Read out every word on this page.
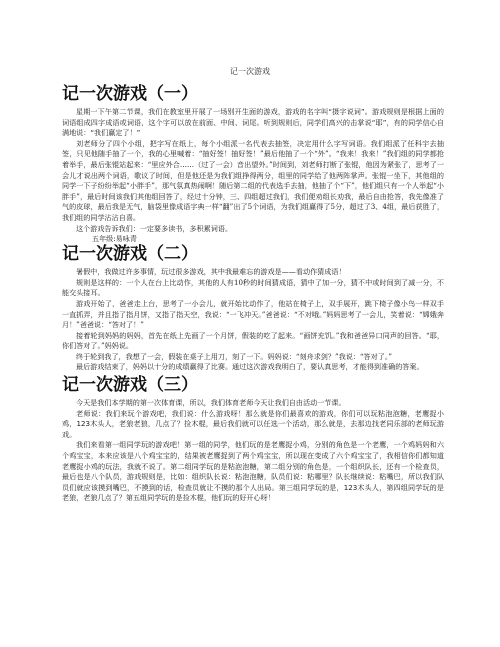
记一次游戏
记一次游戏（一）

星期一下午第二节课，我们在教室里开展了一场别开生面的游戏，游戏的名字叫“摄字说词”。游戏规则是根据上面的词语组成四字成语或词语，这个字可以放在前面、中间、词尾。听到规则后，同学们高兴的击掌说“耶”，有的同学信心自满地说：“我们赢定了！”

刘老师分了四个小组，把字写在纸上，每个小组派一名代表去抽签，决定用什么字写词语。我们组派了任科宇去抽签，只见他随手抽了一个，我的心里喊着：“抽好签！抽好签！”最后他抽了一个“外”。“我来！我来！”我们组的同学都抢着举手，最后张锟站起来：“里应外合……（过了一会）音出望外。”时间到，刘老师打断了张锟，他因为紧张了，思考了一会儿才说出两个词语，歌议了时间，但是他还是为我们组挣得两分，组里的同学给了他两阵掌声。张锟一坐下，其他组的同学一下子纷纷举起“小胖手”，那气氛真热闹啊！随后第二组的代表选手去抽，他抽了个“下”，他们组只有一个人举起“小胖手”，最后时间该我们其他组回答了，经过十分钟，三、四组超过我们，我们便劝组长劝我，最后自由抢答，我先像准了气的皮球，最后我是无气，脑袋里像成语字典一样“翻”出了5个词语，为我们组赢得了5分，超过了3、4组，最后获胜了，我们组的同学沾沾自喜。

这个游戏告诉我们：一定要多读书，多积累词语。

五年级:易咏青

记一次游戏（二）

暑假中，我做过许多事情，玩过很多游戏，其中我最难忘的游戏是——看动作猜成语！

规则是这样的：一个人在台上比动作，其他的人有10秒的时间猜成语，猜中了加一分，猜不中或时间到了减一分，不能交头接耳。

游戏开始了，爸爸走上台，思考了一小会儿，就开始比动作了，他站在椅子上，双手展开，跳下椅子像小鸟一样双手一直抓弄，并且指了指月饼，又指了指天空，我说：“一飞冲天。”爸爸说：“不对哦。”妈妈思考了一会儿，笑着说：“嫦娥奔月！”爸爸说：“答对了！”

接着轮到妈妈的妈妈，首先在纸上先画了一个月饼，假装的吃了起来。“画饼充饥。”我和爸爸异口同声的回答。“耶，你们答对了。”妈妈说。

终于轮到我了，我想了一会，假装在桌子上用刀，刻了一下。妈妈说：“刻舟求剑？”我说：“答对了。”

最后游戏结束了，妈妈以十分的成绩赢得了比赛。通过这次游戏我明白了，要认真思考，才能得到准确的答案。

记一次游戏（三）

今天是我们本学期的第一次体育课，所以，我们体育老师今天让我们自由活动一节课。

老师说：我们来玩个游戏吧，我们说：什么游戏呀！那么就是你们最喜欢的游戏，你们可以玩粘泡泡糖，老鹰捉小鸡，123木头人，老狼老狼，几点了？捡木棍，最后我们就可以任选一个活动，那么就是，去那边找老同乐部的老师玩游戏。

我们来看第一组同学玩的游戏吧！第一组的同学，他们玩的是老鹰捉小鸡，分别的角色是一个老鹰，一个鸡妈妈和六个鸡宝宝，本来应该是八个鸡宝宝的，结果被老鹰捉到了两个鸡宝宝，所以现在变成了六个鸡宝宝了，我相信你们都知道老鹰捉小鸡的玩法，我就不说了。第二组同学玩的是粘泡泡糖，第二组分别的角色是，一个组织队长，还有一个检查员，最后也是八个队员，游戏规则是，比如：组织队长说：粘泡泡糖，队员们说：粘哪里？队长继续说：粘嘴巴，所以我们队员们就应该摸到嘴巴，不摸到的话，检查员就让不摸的那个人出局。第三组同学玩的是，123木头人，第四组同学玩的是老狼，老狼几点了？第五组同学玩的是捡木棍，他们玩的好开心呀！
